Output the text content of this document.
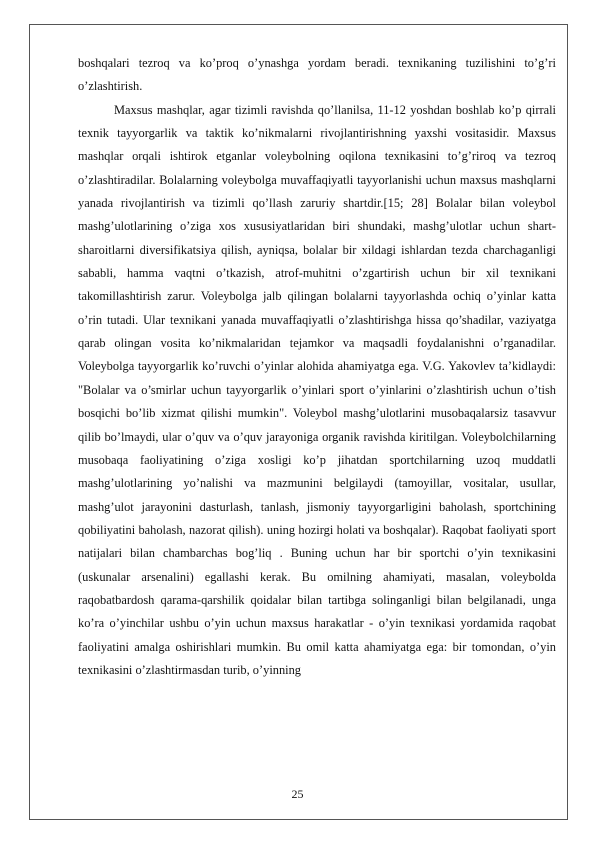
boshqalari tezroq va ko’proq o’ynashga yordam beradi. texnikaning tuzilishini to’g’ri o’zlashtirish.

Maxsus mashqlar, agar tizimli ravishda qo’llanilsa, 11-12 yoshdan boshlab ko’p qirrali texnik tayyorgarlik va taktik ko’nikmalarni rivojlantirishning yaxshi vositasidir. Maxsus mashqlar orqali ishtirok etganlar voleybolning oqilona texnikasini to’g’riroq va tezroq o’zlashtiradilar. Bolalarning voleybolga muvaffaqiyatli tayyorlanishi uchun maxsus mashqlarni yanada rivojlantirish va tizimli qo’llash zaruriy shartdir.[15; 28] Bolalar bilan voleybol mashg’ulotlarining o’ziga xos xususiyatlaridan biri shundaki, mashg’ulotlar uchun shart-sharoitlarni diversifikatsiya qilish, ayniqsa, bolalar bir xildagi ishlardan tezda charchaganligi sababli, hamma vaqtni o’tkazish, atrof-muhitni o’zgartirish uchun bir xil texnikani takomillashtirish zarur. Voleybolga jalb qilingan bolalarni tayyorlashda ochiq o’yinlar katta o’rin tutadi. Ular texnikani yanada muvaffaqiyatli o’zlashtirishga hissa qo’shadilar, vaziyatga qarab olingan vosita ko’nikmalaridan tejamkor va maqsadli foydalanishni o’rganadilar. Voleybolga tayyorgarlik ko’ruvchi o’yinlar alohida ahamiyatga ega. V.G. Yakovlev ta’kidlaydi: "Bolalar va o’smirlar uchun tayyorgarlik o’yinlari sport o’yinlarini o’zlashtirish uchun o’tish bosqichi bo’lib xizmat qilishi mumkin". Voleybol mashg’ulotlarini musobaqalarsiz tasavvur qilib bo’lmaydi, ular o’quv va o’quv jarayoniga organik ravishda kiritilgan. Voleybolchilarning musobaqa faoliyatining o’ziga xosligi ko’p jihatdan sportchilarning uzoq muddatli mashg’ulotlarining yo’nalishi va mazmunini belgilaydi (tamoyillar, vositalar, usullar, mashg’ulot jarayonini dasturlash, tanlash, jismoniy tayyorgarligini baholash, sportchining qobiliyatini baholash, nazorat qilish). uning hozirgi holati va boshqalar). Raqobat faoliyati sport natijalari bilan chambarchas bog’liq . Buning uchun har bir sportchi o’yin texnikasini (uskunalar arsenalini) egallashi kerak. Bu omilning ahamiyati, masalan, voleybolda raqobatbardosh qarama-qarshilik qoidalar bilan tartibga solinganligi bilan belgilanadi, unga ko’ra o’yinchilar ushbu o’yin uchun maxsus harakatlar - o’yin texnikasi yordamida raqobat faoliyatini amalga oshirishlari mumkin. Bu omil katta ahamiyatga ega: bir tomondan, o’yin texnikasini o’zlashtirmasdan turib, o’yinning

25
